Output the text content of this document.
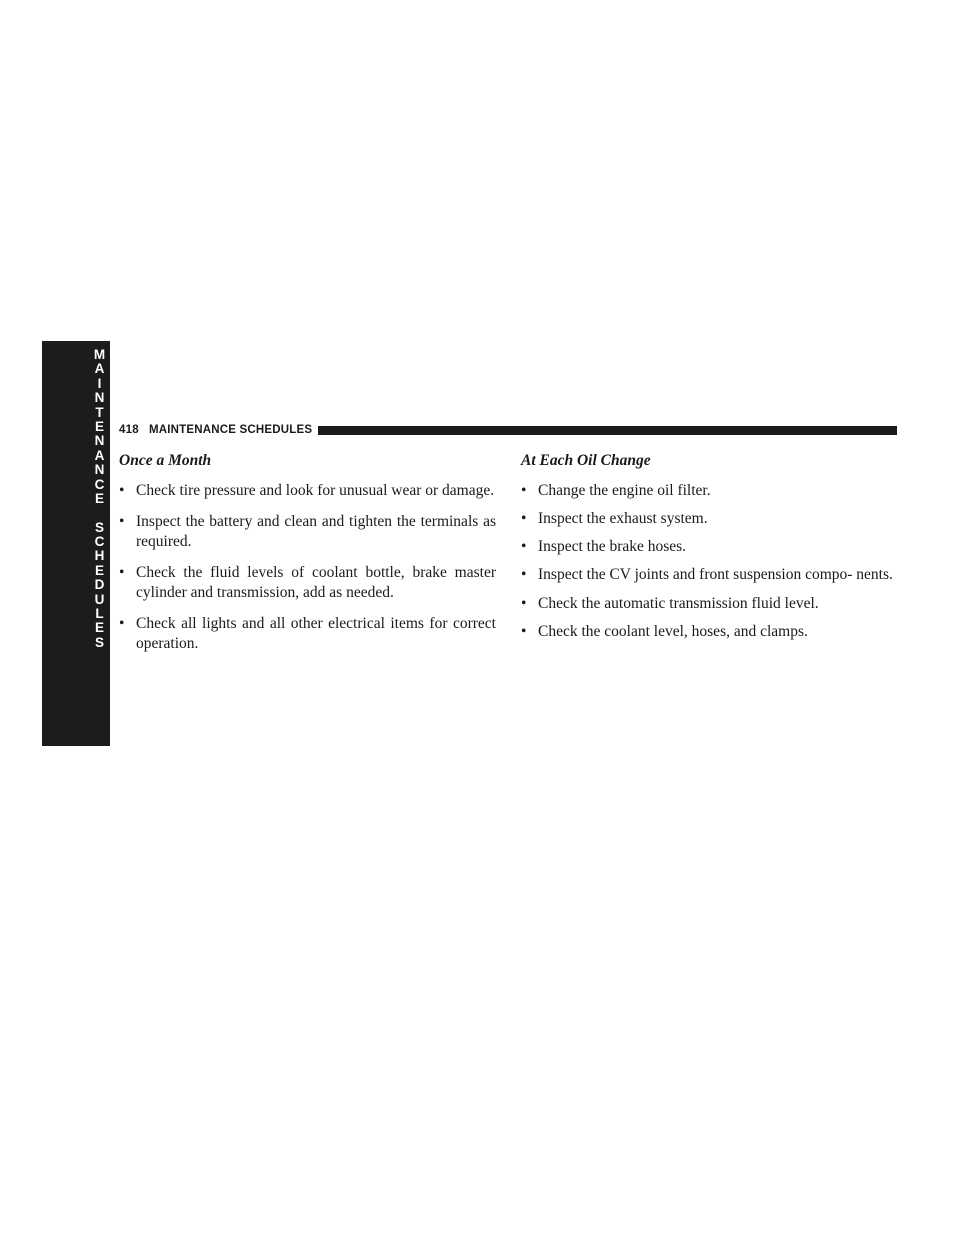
M
A
I
N
T
E
N
A
N
C
E
S
C
H
E
D
U
L
E
S
8
418 MAINTENANCE SCHEDULES
Once a Month
• Check tire pressure and look for unusual wear or damage.
• Inspect the battery and clean and tighten the terminals as required.
• Check the fluid levels of coolant bottle, brake master cylinder and transmission, add as needed.
• Check all lights and all other electrical items for correct operation.
At Each Oil Change
• Change the engine oil filter.
• Inspect the exhaust system.
• Inspect the brake hoses.
• Inspect the CV joints and front suspension compo- nents.
• Check the automatic transmission fluid level.
• Check the coolant level, hoses, and clamps.
